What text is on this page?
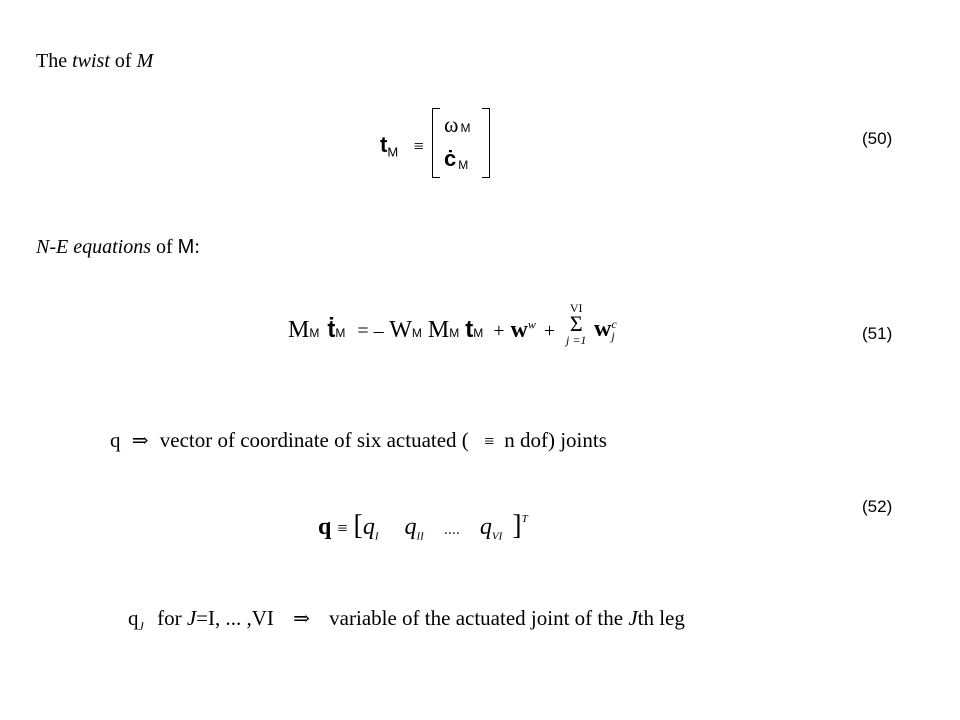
The twist of M
$t_M$ ≡
ω M
ċ M
(50)
N-E equations of M:
MM ṫM = – WM MM tM + $w^w$ +
VI
Σ
j =1 w c
j	(51)
q ⇒ vector of coordinate of six actuated ( ≡ n dof) joints
$q \equiv [q_I$ $q_{II}$ .... $q_{VI}$ ]$^T$
(52)
$q_J$ for J=I, ... ,VI ⇒ variable of the actuated joint of the Jth leg
